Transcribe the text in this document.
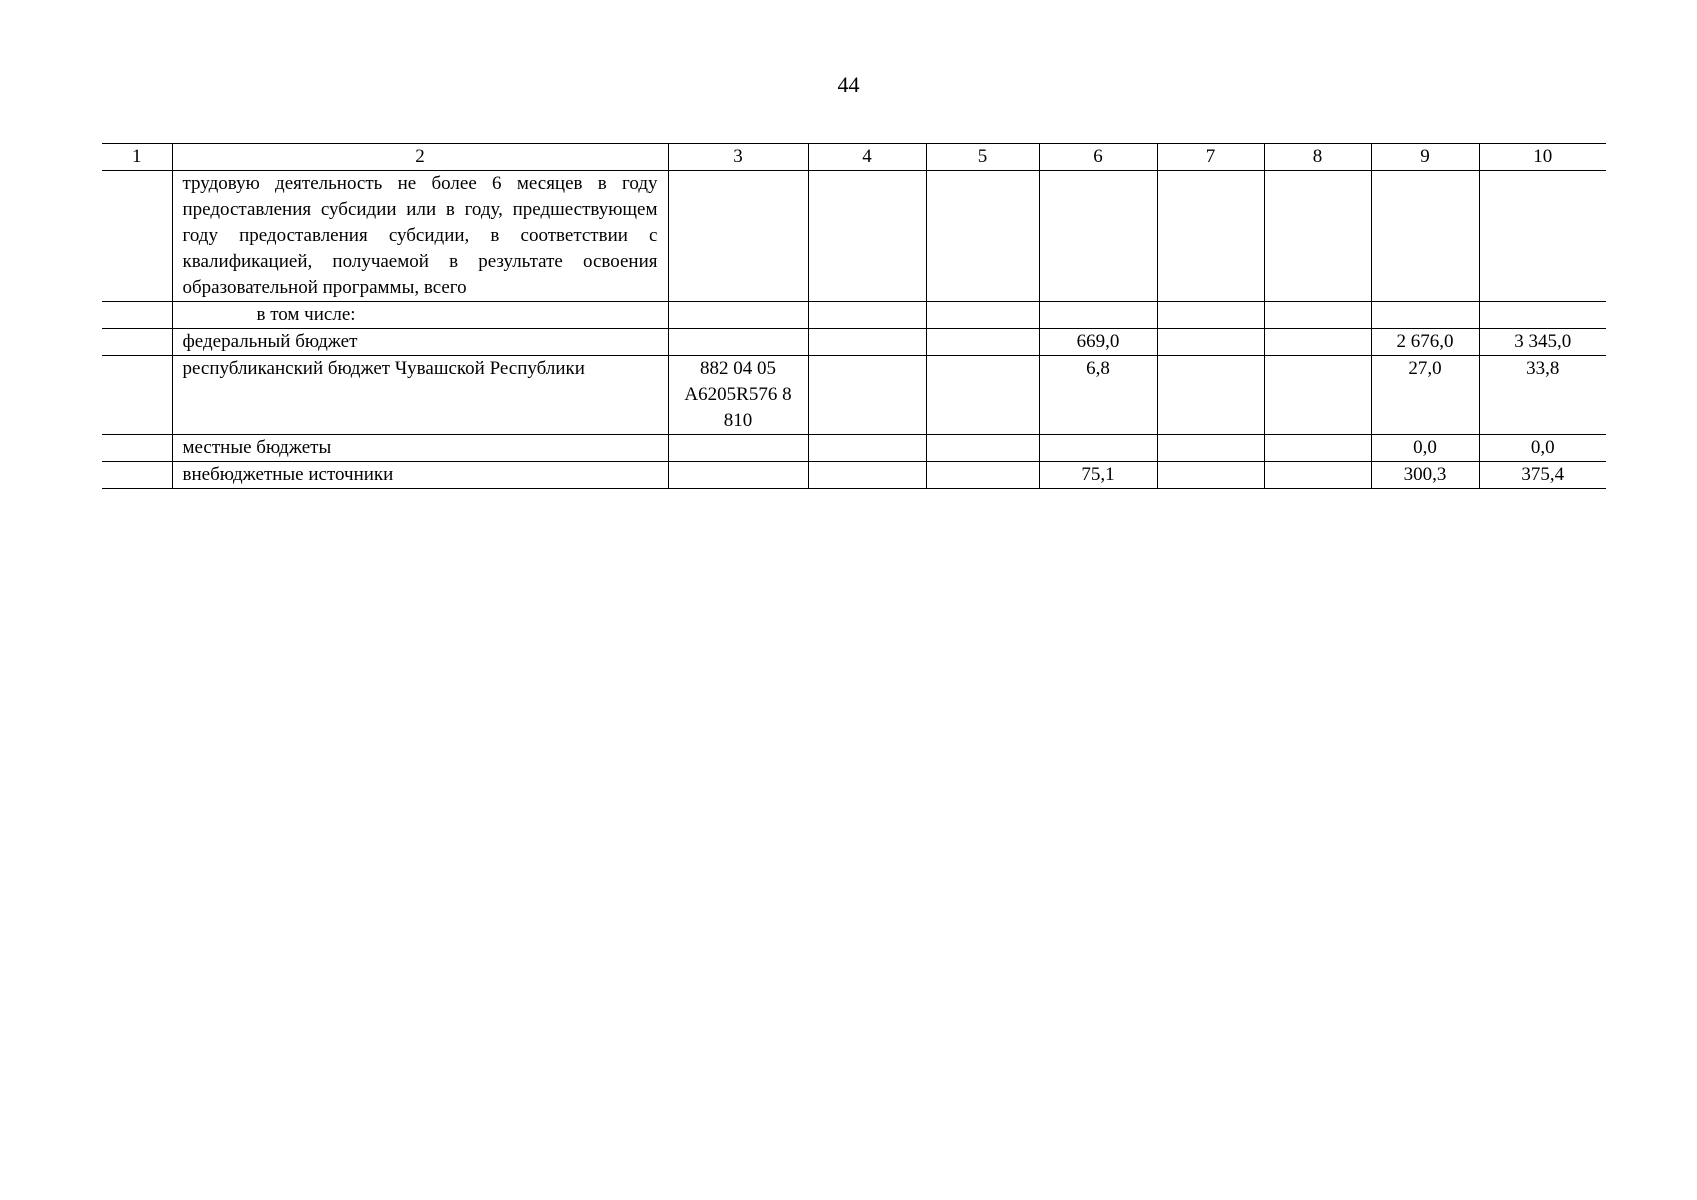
44
1	2	3	4	5	6	7	8	9	10
	трудовую деятельность не более 6 месяцев в году предоставления субсидии или в году, предшествующем году предоставления субсидии, в соответствии с квалификацией, получаемой в результате освоения образовательной программы, всего								
	в том числе:								
	федеральный бюджет				669,0			2 676,0	3 345,0
	республиканский бюджет Чувашской Республики	882 04 05 А6205R576 8 810			6,8			27,0	33,8
	местные бюджеты							0,0	0,0
	внебюджетные источники				75,1			300,3	375,4
